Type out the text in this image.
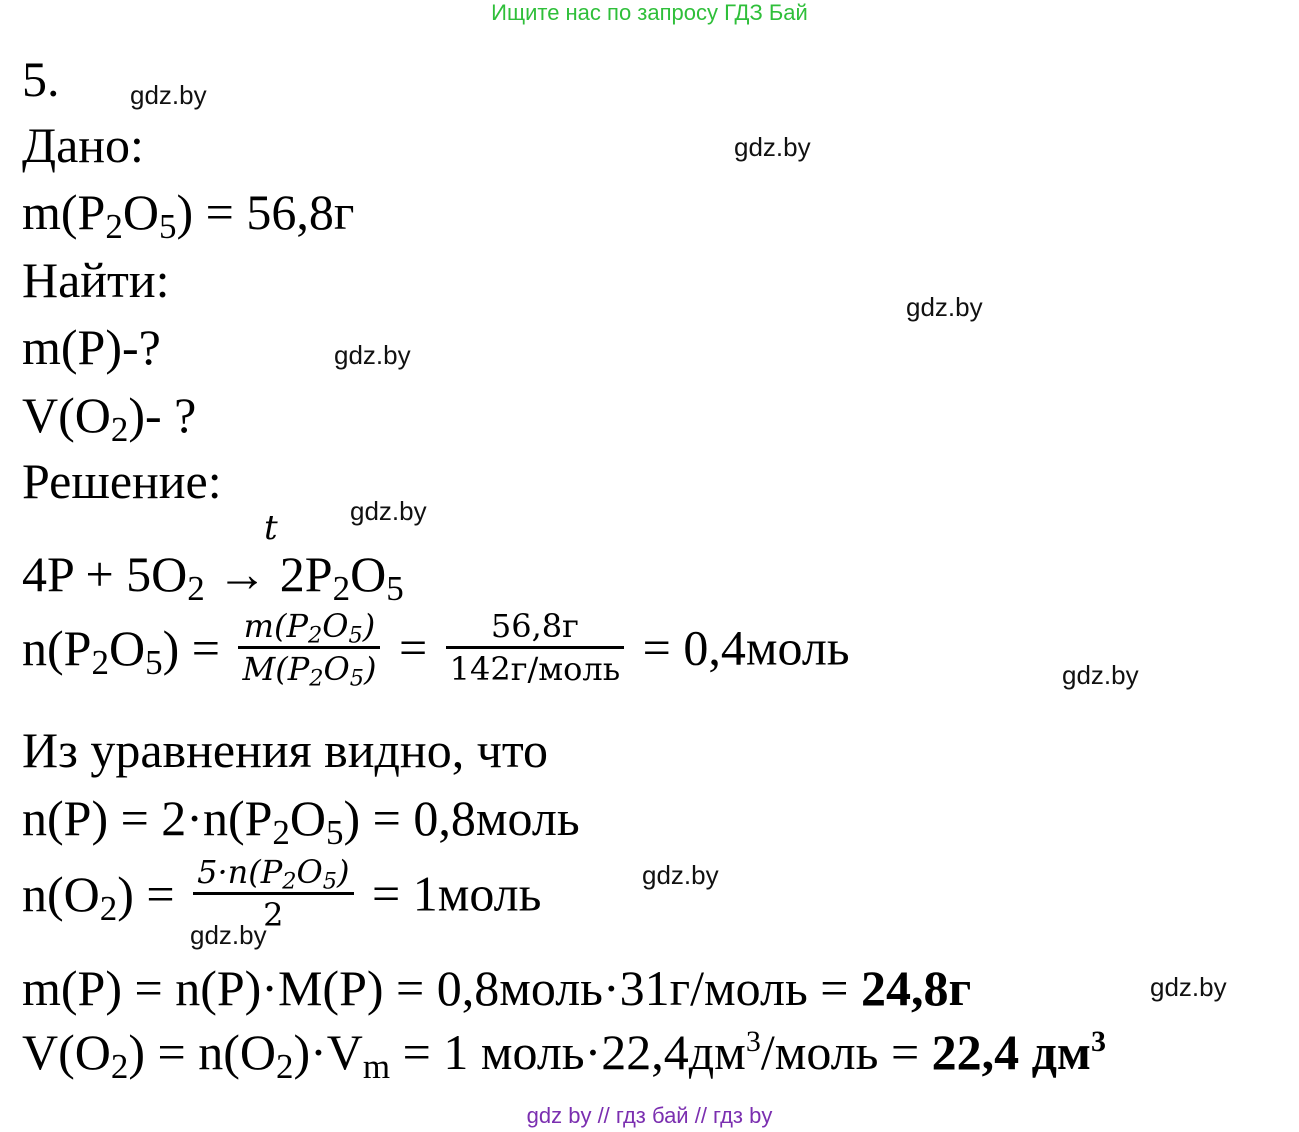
Ищите нас по запросу ГДЗ Бай
gdz.by
gdz.by
gdz.by
gdz.by
gdz.by
gdz.by
gdz.by
gdz.by
gdz.by
5.
Дано:
$m(P_2O_5) = 56,8г$
Найти:
m(P)-?
$V(O_2)-$ ?
Решение:
t
$4P + 5O_2 \to 2P_2O_5$
$n(P_2O_5) = \frac{m(P_2O_5)}{M(P_2O_5)} = \frac{56,8г}{\text{142г/моль}}$ = 0,4моль
Из уравнения видно, что
$n(P) = 2\cdot n(P_2O_5)$ = 0,8моль
$n(O_2) = \frac{5\cdot n(P_2O_5)}{2}$ = 1моль
m(P) = n(P)·M(P) = 0,8моль·31г/моль = 24,8г
$V(O_2) = n(O_2)\cdot V_m = 1$ $моль\cdot 22,4дм^3$/моль = 22,4 $дм^3$
gdz by // гдз бай // гдз by
